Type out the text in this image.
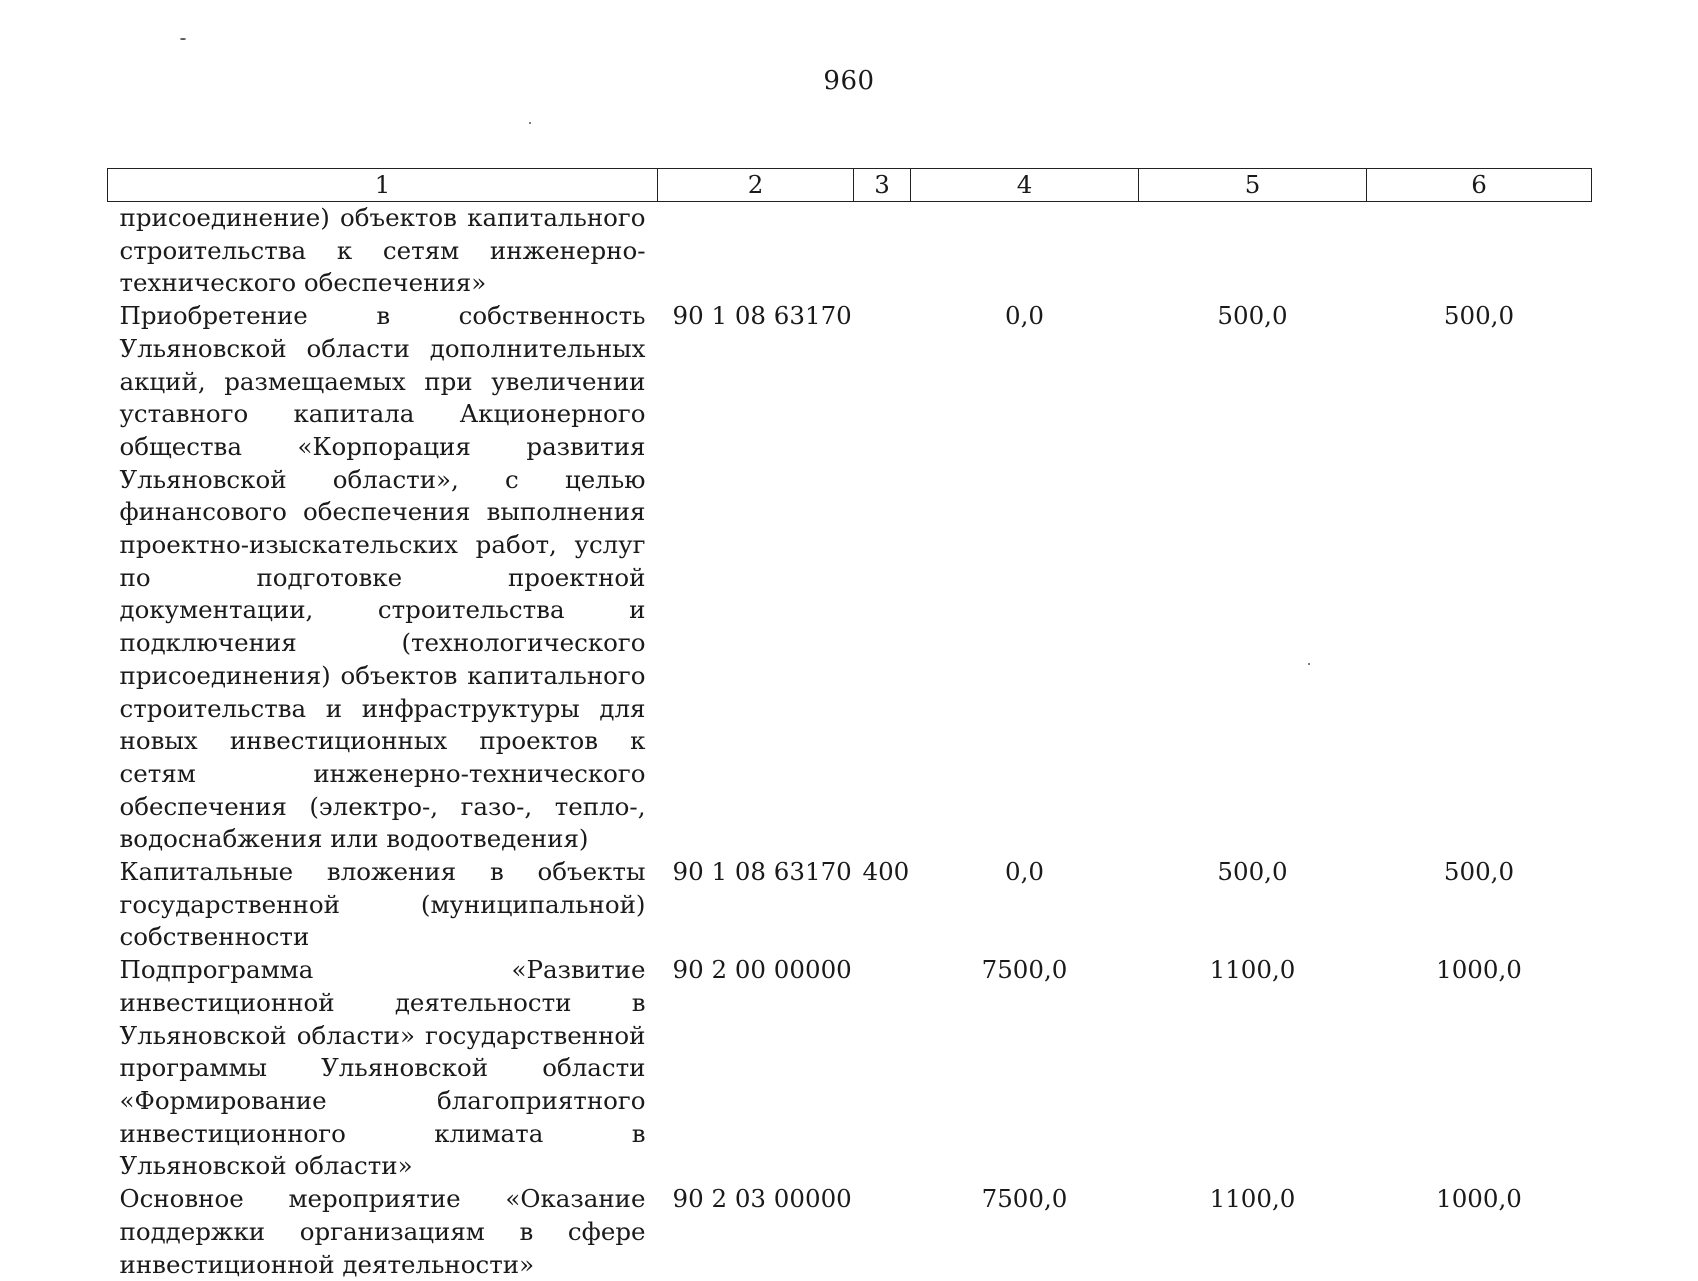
960
1	2	3	4	5	6
присоединение) объектов капитального строительства к сетям инженерно-технического обеспечения»					
Приобретение в собственность Ульяновской области дополнительных акций, размещаемых при увеличении уставного капитала Акционерного общества «Корпорация развития Ульяновской области», с целью финансового обеспечения выполнения проектно-изыскательских работ, услуг по подготовке проектной документации, строительства и подключения (технологического присоединения) объектов капитального строительства и инфраструктуры для новых инвестиционных проектов к сетям инженерно-технического обеспечения (электро-, газо-, тепло-, водоснабжения или водоотведения)	90 1 08 63170		0,0	500,0	500,0
Капитальные вложения в объекты государственной (муниципальной) собственности	90 1 08 63170	400	0,0	500,0	500,0
Подпрограмма «Развитие инвестиционной деятельности в Ульяновской области» государственной программы Ульяновской области «Формирование благоприятного инвестиционного климата в Ульяновской области»	90 2 00 00000		7500,0	1100,0	1000,0
Основное мероприятие «Оказание поддержки организациям в сфере инвестиционной деятельности»	90 2 03 00000		7500,0	1100,0	1000,0
